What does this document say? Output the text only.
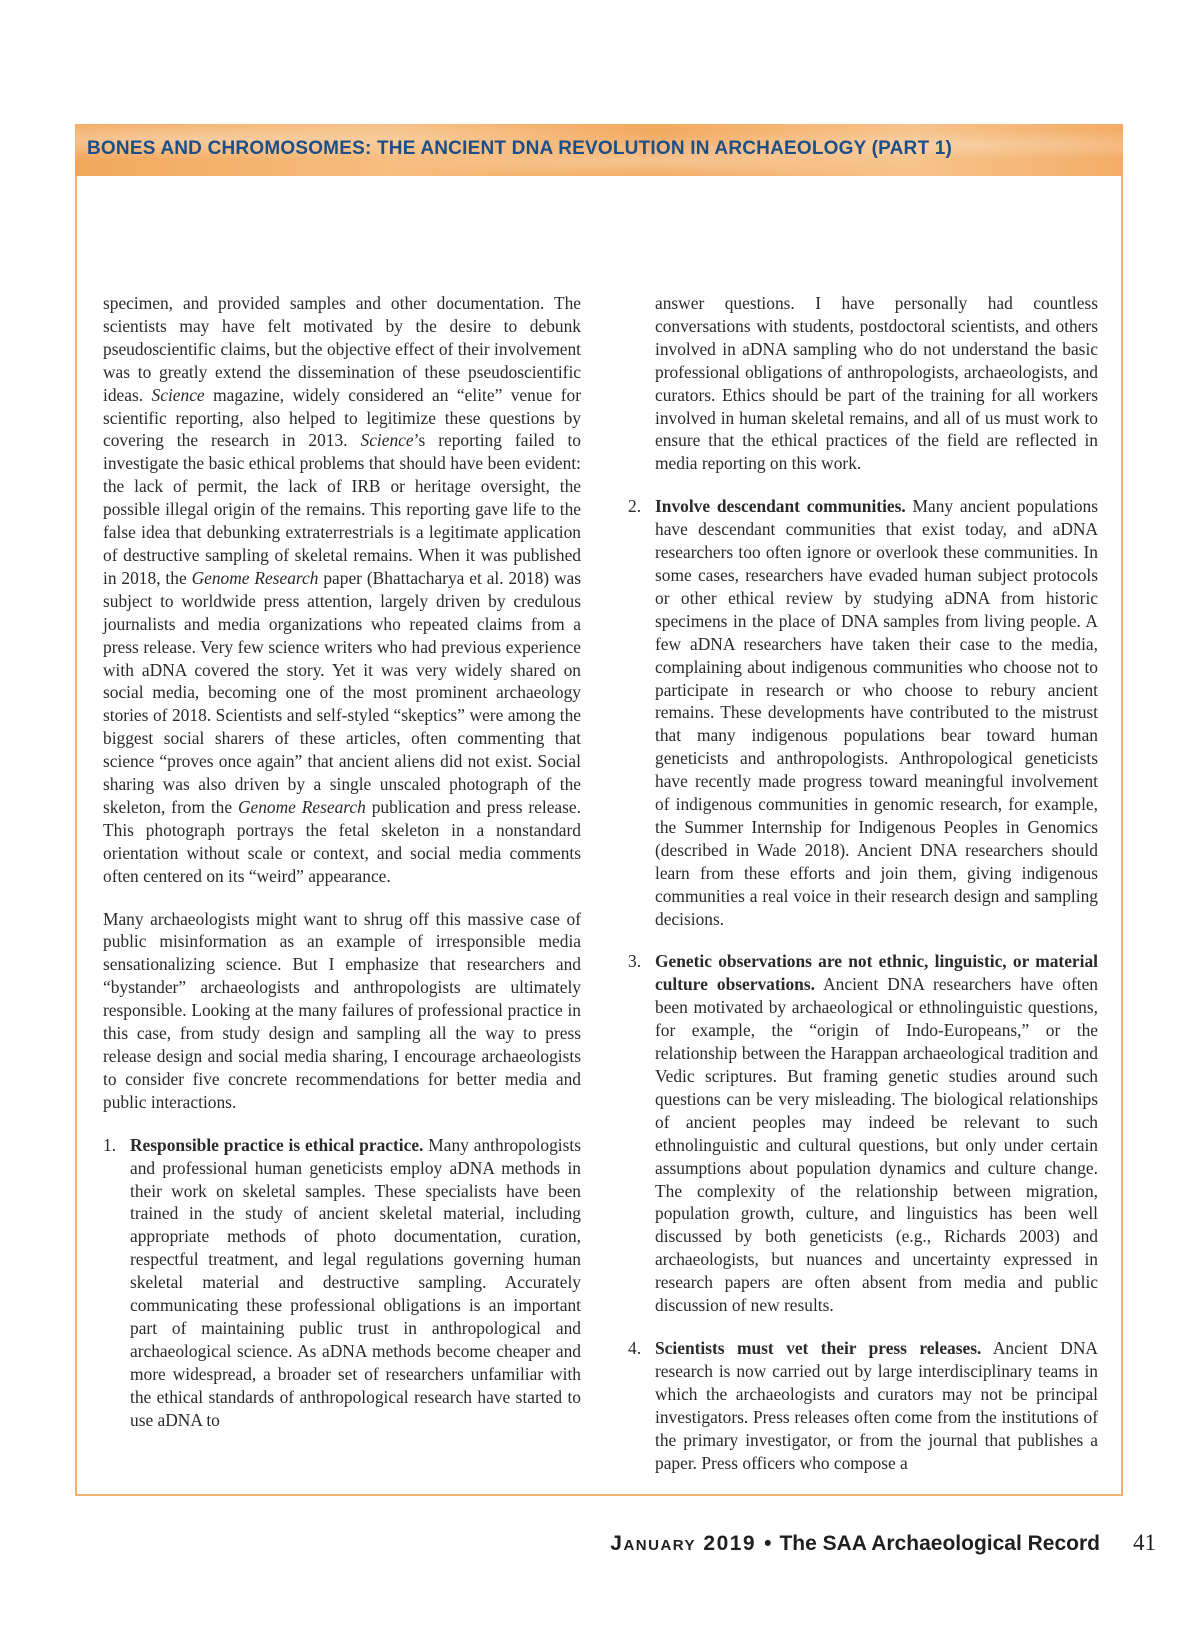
BONES AND CHROMOSOMES: THE ANCIENT DNA REVOLUTION IN ARCHAEOLOGY (PART 1)

specimen, and provided samples and other documentation. The scientists may have felt motivated by the desire to debunk pseudoscientific claims, but the objective effect of their involvement was to greatly extend the dissemination of these pseudoscientific ideas. Science magazine, widely considered an “elite” venue for scientific reporting, also helped to legitimize these questions by covering the research in 2013. Science’s reporting failed to investigate the basic ethical problems that should have been evident: the lack of permit, the lack of IRB or heritage oversight, the possible illegal origin of the remains. This reporting gave life to the false idea that debunking extraterrestrials is a legitimate application of destructive sampling of skeletal remains. When it was published in 2018, the Genome Research paper (Bhattacharya et al. 2018) was subject to worldwide press attention, largely driven by credulous journalists and media organizations who repeated claims from a press release. Very few science writers who had previous experience with aDNA covered the story. Yet it was very widely shared on social media, becoming one of the most prominent archaeology stories of 2018. Scientists and self-styled “skeptics” were among the biggest social sharers of these articles, often commenting that science “proves once again” that ancient aliens did not exist. Social sharing was also driven by a single unscaled photograph of the skeleton, from the Genome Research publication and press release. This photograph portrays the fetal skeleton in a nonstandard orientation without scale or context, and social media comments often centered on its “weird” appearance.

Many archaeologists might want to shrug off this massive case of public misinformation as an example of irresponsible media sensationalizing science. But I emphasize that researchers and “bystander” archaeologists and anthropologists are ultimately responsible. Looking at the many failures of professional practice in this case, from study design and sampling all the way to press release design and social media sharing, I encourage archaeologists to consider five concrete recommendations for better media and public interactions.

1. Responsible practice is ethical practice. Many anthropologists and professional human geneticists employ aDNA methods in their work on skeletal samples. These specialists have been trained in the study of ancient skeletal material, including appropriate methods of photo documentation, curation, respectful treatment, and legal regulations governing human skeletal material and destructive sampling. Accurately communicating these professional obligations is an important part of maintaining public trust in anthropological and archaeological science. As aDNA methods become cheaper and more widespread, a broader set of researchers unfamiliar with the ethical standards of anthropological research have started to use aDNA to
answer questions. I have personally had countless conversations with students, postdoctoral scientists, and others involved in aDNA sampling who do not understand the basic professional obligations of anthropologists, archaeologists, and curators. Ethics should be part of the training for all workers involved in human skeletal remains, and all of us must work to ensure that the ethical practices of the field are reflected in media reporting on this work.
2. Involve descendant communities. Many ancient populations have descendant communities that exist today, and aDNA researchers too often ignore or overlook these communities. In some cases, researchers have evaded human subject protocols or other ethical review by studying aDNA from historic specimens in the place of DNA samples from living people. A few aDNA researchers have taken their case to the media, complaining about indigenous communities who choose not to participate in research or who choose to rebury ancient remains. These developments have contributed to the mistrust that many indigenous populations bear toward human geneticists and anthropologists. Anthropological geneticists have recently made progress toward meaningful involvement of indigenous communities in genomic research, for example, the Summer Internship for Indigenous Peoples in Genomics (described in Wade 2018). Ancient DNA researchers should learn from these efforts and join them, giving indigenous communities a real voice in their research design and sampling decisions.
3. Genetic observations are not ethnic, linguistic, or material culture observations. Ancient DNA researchers have often been motivated by archaeological or ethnolinguistic questions, for example, the “origin of Indo-Europeans,” or the relationship between the Harappan archaeological tradition and Vedic scriptures. But framing genetic studies around such questions can be very misleading. The biological relationships of ancient peoples may indeed be relevant to such ethnolinguistic and cultural questions, but only under certain assumptions about population dynamics and culture change. The complexity of the relationship between migration, population growth, culture, and linguistics has been well discussed by both geneticists (e.g., Richards 2003) and archaeologists, but nuances and uncertainty expressed in research papers are often absent from media and public discussion of new results.
4. Scientists must vet their press releases. Ancient DNA research is now carried out by large interdisciplinary teams in which the archaeologists and curators may not be principal investigators. Press releases often come from the institutions of the primary investigator, or from the journal that publishes a paper. Press officers who compose a
January 2019 • The SAA Archaeological Record 41
